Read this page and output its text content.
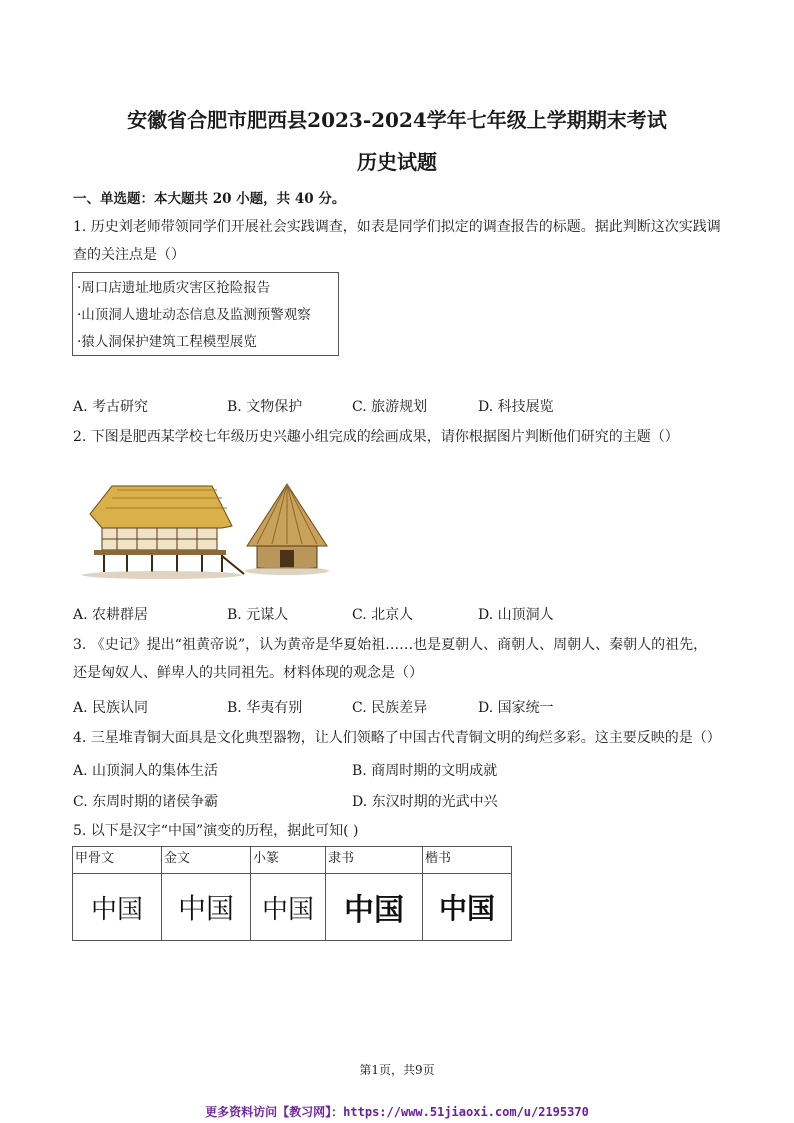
安徽省合肥市肥西县2023-2024学年七年级上学期期末考试
历史试题
一、单选题：本大题共 20 小题，共 40 分。
1. 历史刘老师带领同学们开展社会实践调查，如表是同学们拟定的调查报告的标题。据此判断这次实践调
查的关注点是（）
·周口店遗址地质灾害区抢险报告
·山顶洞人遗址动态信息及监测预警观察
·猿人洞保护建筑工程模型展览
A. 考古研究	B. 文物保护	C. 旅游规划	D. 科技展览
2. 下图是肥西某学校七年级历史兴趣小组完成的绘画成果，请你根据图片判断他们研究的主题（）
A. 农耕群居	B. 元谋人	C. 北京人	D. 山顶洞人
3. 《史记》提出“祖黄帝说”，认为黄帝是华夏始祖……也是夏朝人、商朝人、周朝人、秦朝人的祖先，
还是匈奴人、鲜卑人的共同祖先。材料体现的观念是（）
A. 民族认同	B. 华夷有别	C. 民族差异	D. 国家统一
4. 三星堆青铜大面具是文化典型器物，让人们领略了中国古代青铜文明的绚烂多彩。这主要反映的是（）
A. 山顶洞人的集体生活	B. 商周时期的文明成就
C. 东周时期的诸侯争霸	D. 东汉时期的光武中兴
5. 以下是汉字“中国”演变的历程，据此可知( )
甲骨文	金文	小篆	隶书	楷书
中国	中国	中国	中国	中国
第1页，共9页
更多资料访问【教习网】：https://www.51jiaoxi.com/u/2195370
